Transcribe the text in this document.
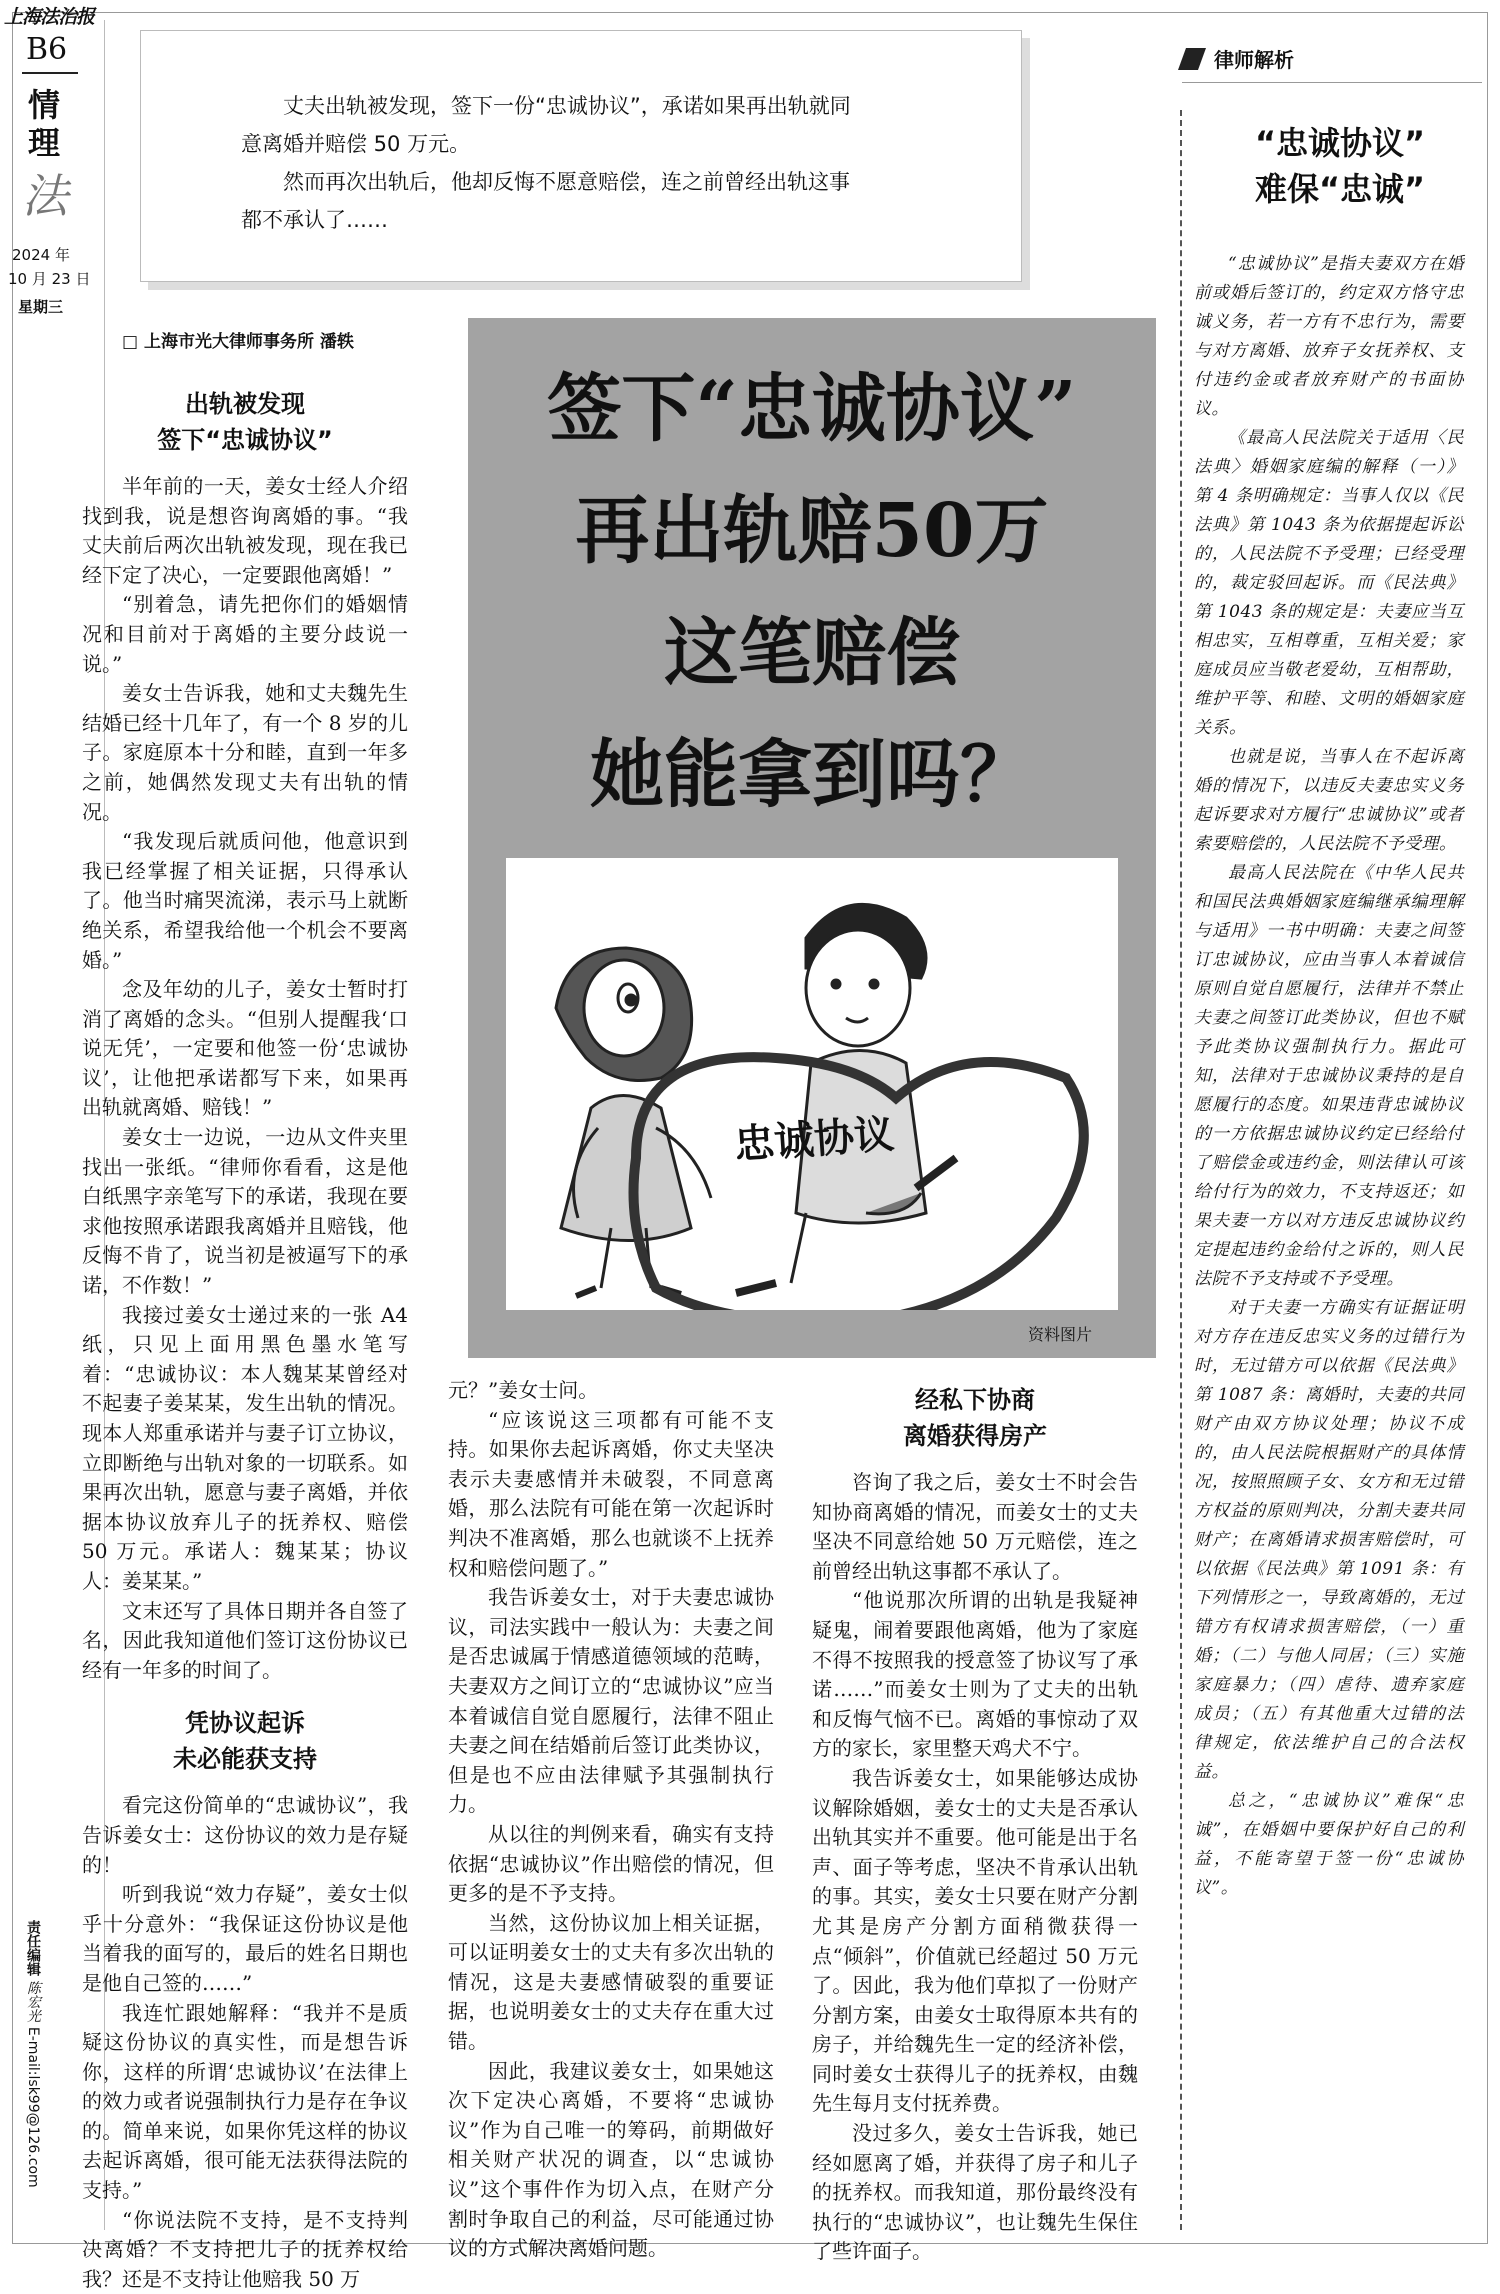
上海法治报
B6
情
理
法
2024 年
10 月 23 日
星期三

丈夫出轨被发现，签下一份“忠诚协议”，承诺如果再出轨就同意离婚并赔偿 50 万元。

然而再次出轨后，他却反悔不愿意赔偿，连之前曾经出轨这事都不承认了……

□ 上海市光大律师事务所 潘轶
签下“忠诚协议”
再出轨赔50万
这笔赔偿
她能拿到吗？
忠诚协议
资料图片
出轨被发现
签下“忠诚协议”

半年前的一天，姜女士经人介绍找到我，说是想咨询离婚的事。“我丈夫前后两次出轨被发现，现在我已经下定了决心，一定要跟他离婚！”

“别着急，请先把你们的婚姻情况和目前对于离婚的主要分歧说一说。”

姜女士告诉我，她和丈夫魏先生结婚已经十几年了，有一个 8 岁的儿子。家庭原本十分和睦，直到一年多之前，她偶然发现丈夫有出轨的情况。

“我发现后就质问他，他意识到我已经掌握了相关证据，只得承认了。他当时痛哭流涕，表示马上就断绝关系，希望我给他一个机会不要离婚。”

念及年幼的儿子，姜女士暂时打消了离婚的念头。“但别人提醒我‘口说无凭’，一定要和他签一份‘忠诚协议’，让他把承诺都写下来，如果再出轨就离婚、赔钱！”

姜女士一边说，一边从文件夹里找出一张纸。“律师你看看，这是他白纸黑字亲笔写下的承诺，我现在要求他按照承诺跟我离婚并且赔钱，他反悔不肯了，说当初是被逼写下的承诺，不作数！”

我接过姜女士递过来的一张 A4 纸，只见上面用黑色墨水笔写着：“忠诚协议：本人魏某某曾经对不起妻子姜某某，发生出轨的情况。现本人郑重承诺并与妻子订立协议，立即断绝与出轨对象的一切联系。如果再次出轨，愿意与妻子离婚，并依据本协议放弃儿子的抚养权、赔偿 50 万元。承诺人：魏某某；协议人：姜某某。”

文末还写了具体日期并各自签了名，因此我知道他们签订这份协议已经有一年多的时间了。

凭协议起诉
未必能获支持

看完这份简单的“忠诚协议”，我告诉姜女士：这份协议的效力是存疑的！

听到我说“效力存疑”，姜女士似乎十分意外：“我保证这份协议是他当着我的面写的，最后的姓名日期也是他自己签的……”

我连忙跟她解释：“我并不是质疑这份协议的真实性，而是想告诉你，这样的所谓‘忠诚协议’在法律上的效力或者说强制执行力是存在争议的。简单来说，如果你凭这样的协议去起诉离婚，很可能无法获得法院的支持。”

“你说法院不支持，是不支持判决离婚？不支持把儿子的抚养权给我？还是不支持让他赔我 50 万

元？”姜女士问。

“应该说这三项都有可能不支持。如果你去起诉离婚，你丈夫坚决表示夫妻感情并未破裂，不同意离婚，那么法院有可能在第一次起诉时判决不准离婚，那么也就谈不上抚养权和赔偿问题了。”

我告诉姜女士，对于夫妻忠诚协议，司法实践中一般认为：夫妻之间是否忠诚属于情感道德领域的范畴，夫妻双方之间订立的“忠诚协议”应当本着诚信自觉自愿履行，法律不阻止夫妻之间在结婚前后签订此类协议，但是也不应由法律赋予其强制执行力。

从以往的判例来看，确实有支持依据“忠诚协议”作出赔偿的情况，但更多的是不予支持。

当然，这份协议加上相关证据，可以证明姜女士的丈夫有多次出轨的情况，这是夫妻感情破裂的重要证据，也说明姜女士的丈夫存在重大过错。

因此，我建议姜女士，如果她这次下定决心离婚，不要将“忠诚协议”作为自己唯一的筹码，前期做好相关财产状况的调查，以“忠诚协议”这个事件作为切入点，在财产分割时争取自己的利益，尽可能通过协议的方式解决离婚问题。

经私下协商
离婚获得房产

咨询了我之后，姜女士不时会告知协商离婚的情况，而姜女士的丈夫坚决不同意给她 50 万元赔偿，连之前曾经出轨这事都不承认了。

“他说那次所谓的出轨是我疑神疑鬼，闹着要跟他离婚，他为了家庭不得不按照我的授意签了协议写了承诺……”而姜女士则为了丈夫的出轨和反悔气恼不已。离婚的事惊动了双方的家长，家里整天鸡犬不宁。

我告诉姜女士，如果能够达成协议解除婚姻，姜女士的丈夫是否承认出轨其实并不重要。他可能是出于名声、面子等考虑，坚决不肯承认出轨的事。其实，姜女士只要在财产分割尤其是房产分割方面稍微获得一点“倾斜”，价值就已经超过 50 万元了。因此，我为他们草拟了一份财产分割方案，由姜女士取得原本共有的房子，并给魏先生一定的经济补偿，同时姜女士获得儿子的抚养权，由魏先生每月支付抚养费。

没过多久，姜女士告诉我，她已经如愿离了婚，并获得了房子和儿子的抚养权。而我知道，那份最终没有执行的“忠诚协议”，也让魏先生保住了些许面子。

律师解析
“忠诚协议”
难保“忠诚”

“忠诚协议”是指夫妻双方在婚前或婚后签订的，约定双方恪守忠诚义务，若一方有不忠行为，需要与对方离婚、放弃子女抚养权、支付违约金或者放弃财产的书面协议。

《最高人民法院关于适用〈民法典〉婚姻家庭编的解释（一）》第 4 条明确规定：当事人仅以《民法典》第 1043 条为依据提起诉讼的，人民法院不予受理；已经受理的，裁定驳回起诉。而《民法典》第 1043 条的规定是：夫妻应当互相忠实，互相尊重，互相关爱；家庭成员应当敬老爱幼，互相帮助，维护平等、和睦、文明的婚姻家庭关系。

也就是说，当事人在不起诉离婚的情况下，以违反夫妻忠实义务起诉要求对方履行“忠诚协议”或者索要赔偿的，人民法院不予受理。

最高人民法院在《中华人民共和国民法典婚姻家庭编继承编理解与适用》一书中明确：夫妻之间签订忠诚协议，应由当事人本着诚信原则自觉自愿履行，法律并不禁止夫妻之间签订此类协议，但也不赋予此类协议强制执行力。据此可知，法律对于忠诚协议秉持的是自愿履行的态度。如果违背忠诚协议的一方依据忠诚协议约定已经给付了赔偿金或违约金，则法律认可该给付行为的效力，不支持返还；如果夫妻一方以对方违反忠诚协议约定提起违约金给付之诉的，则人民法院不予支持或不予受理。

对于夫妻一方确实有证据证明对方存在违反忠实义务的过错行为时，无过错方可以依据《民法典》第 1087 条：离婚时，夫妻的共同财产由双方协议处理；协议不成的，由人民法院根据财产的具体情况，按照照顾子女、女方和无过错方权益的原则判决，分割夫妻共同财产；在离婚请求损害赔偿时，可以依据《民法典》第 1091 条：有下列情形之一，导致离婚的，无过错方有权请求损害赔偿，（一）重婚；（二）与他人同居；（三）实施家庭暴力；（四）虐待、遗弃家庭成员；（五）有其他重大过错的法律规定，依法维护自己的合法权益。

总之，“忠诚协议”难保“忠诚”，在婚姻中要保护好自己的利益，不能寄望于签一份“忠诚协议”。

责任编辑 陈宏光 E-mail:lsk99@126.com
